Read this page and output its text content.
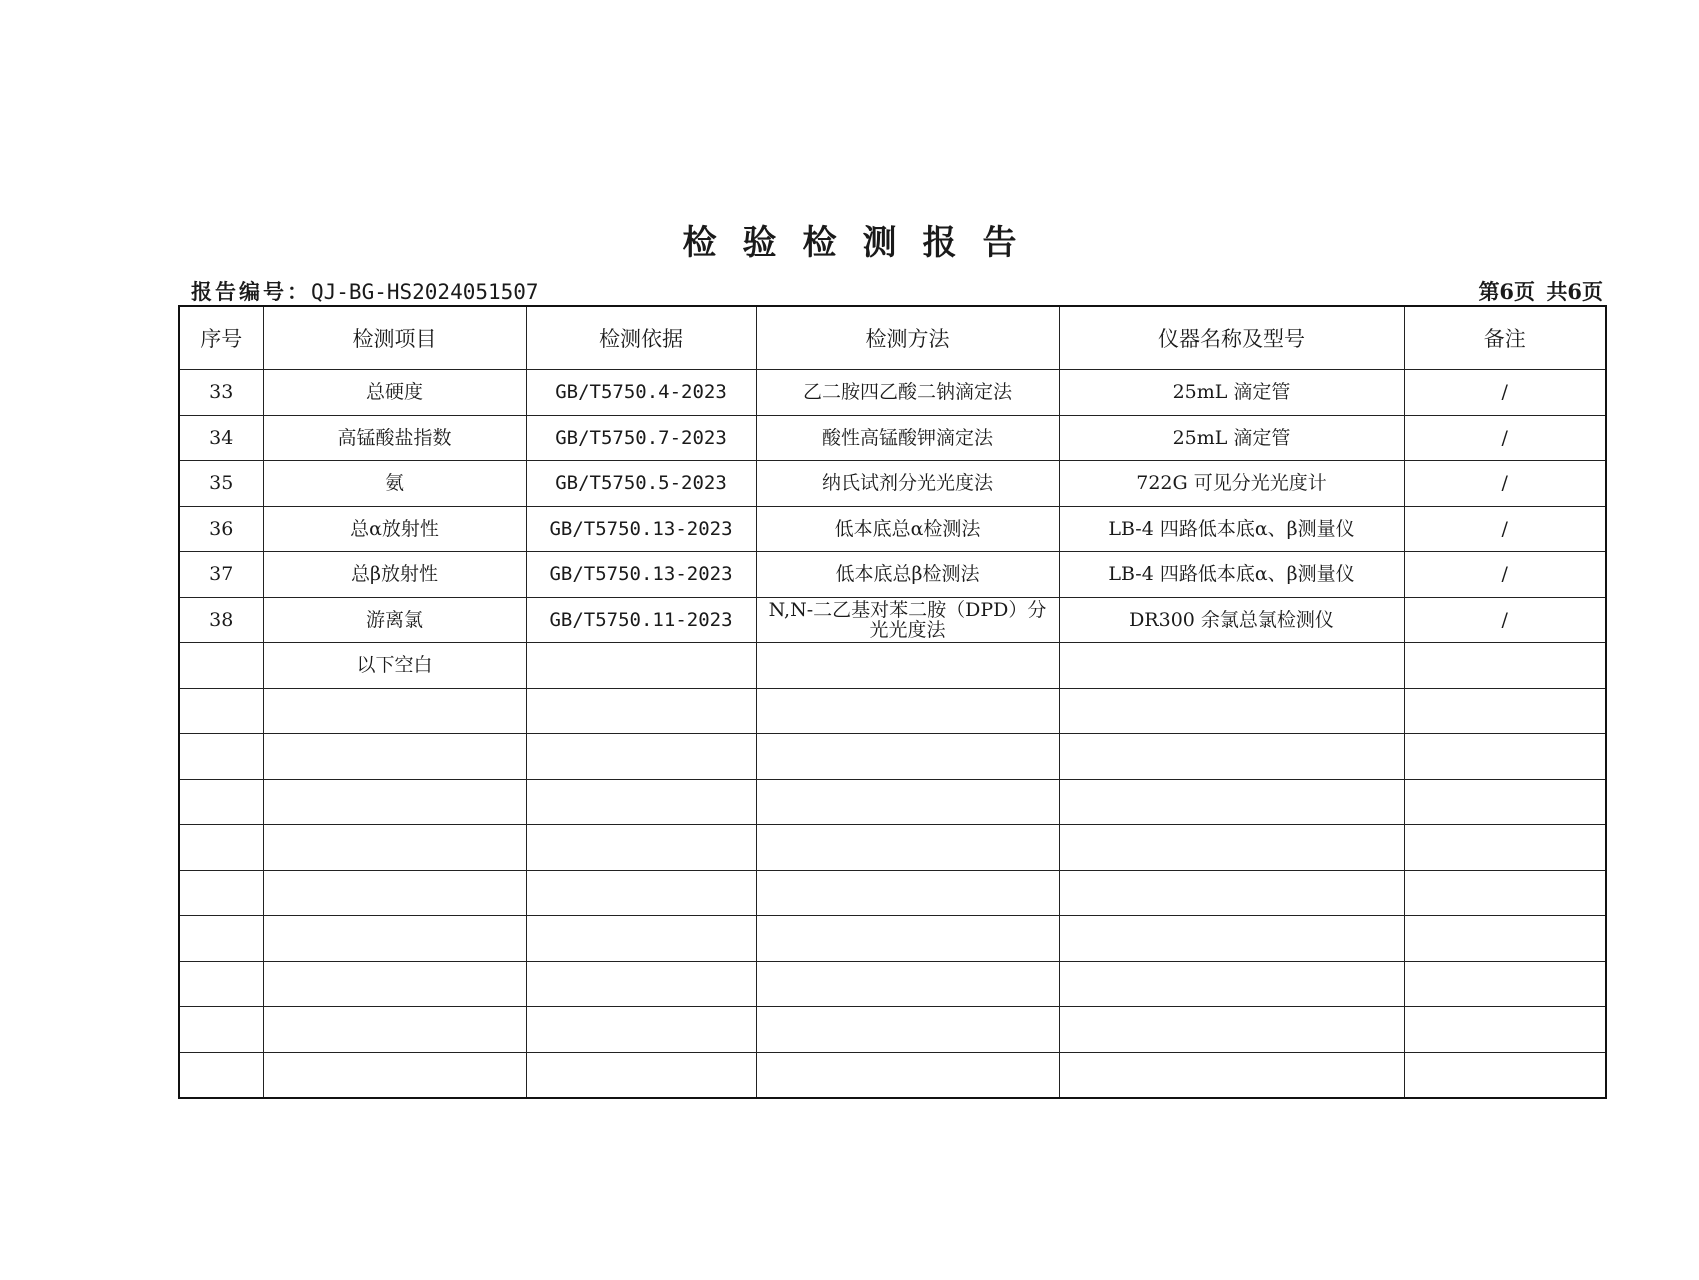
检验检测报告
报告编号：QJ-BG-HS2024051507	第6页 共6页
序号	检测项目	检测依据	检测方法	仪器名称及型号	备注
33	总硬度	GB/T5750.4-2023	乙二胺四乙酸二钠滴定法	25mL 滴定管	/
34	高锰酸盐指数	GB/T5750.7-2023	酸性高锰酸钾滴定法	25mL 滴定管	/
35	氨	GB/T5750.5-2023	纳氏试剂分光光度法	722G 可见分光光度计	/
36	总α放射性	GB/T5750.13-2023	低本底总α检测法	LB-4 四路低本底α、β测量仪	/
37	总β放射性	GB/T5750.13-2023	低本底总β检测法	LB-4 四路低本底α、β测量仪	/
38	游离氯	GB/T5750.11-2023	N,N-二乙基对苯二胺（DPD）分光光度法	DR300 余氯总氯检测仪	/
	以下空白				
